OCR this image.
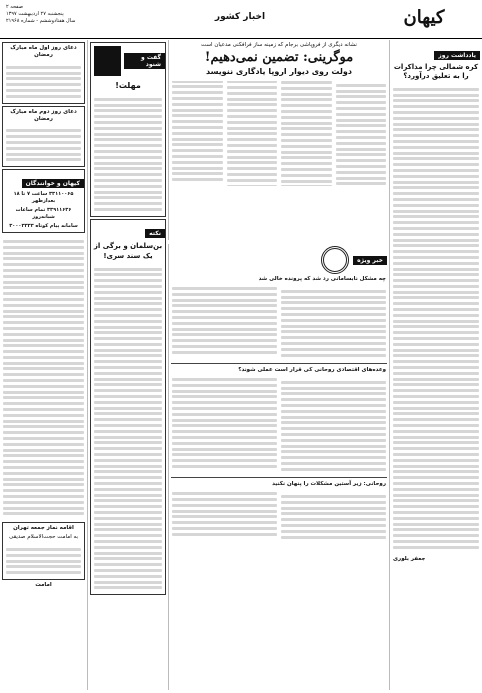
کیهان
اخبار کشور
صفحه ۲
پنجشنبه ۲۷ اردیبهشت ۱۳۹۷
سال هفتادوششم - شماره ۲۱۹۶۸
یادداشت روز
کره شمالی چرا مذاکرات را به تعلیق درآورد؟
جعفر بلوری
نشانه دیگری از فروپاشی برجام که زمینه ساز فرافکنی مدعیان است
موگرینی: تضمین نمی‌دهیم!
دولت روی دیوار اروپا یادگاری ننویسد
گفت و شنود
مهلت!
نکته
بن‌سلمان و برگی از یک سند سری!
خبر ویژه
چه مشکل نابسامانی رد شد که پرونده خالی شد
وعده‌های اقتصادی روحانی کی قرار است عملی شوند؟
روحانی: زیر آستین مشکلات را پنهان نکنید
دعای روز اول ماه مبارک رمضان
دعای روز دوم ماه مبارک رمضان
کیهان و خوانندگان
۳۳۱۱۰۰۶۵ ساعت ۷ تا ۱۸ بعدازظهر
۳۳۹۱۱۶۳۶ تمام ساعات شبانه‌روز
سامانه پیام کوتاه ۳۰۰۰۳۳۳۳
اقامه نماز جمعه تهران
به امامت حجت‌الاسلام صدیقی
امامت
